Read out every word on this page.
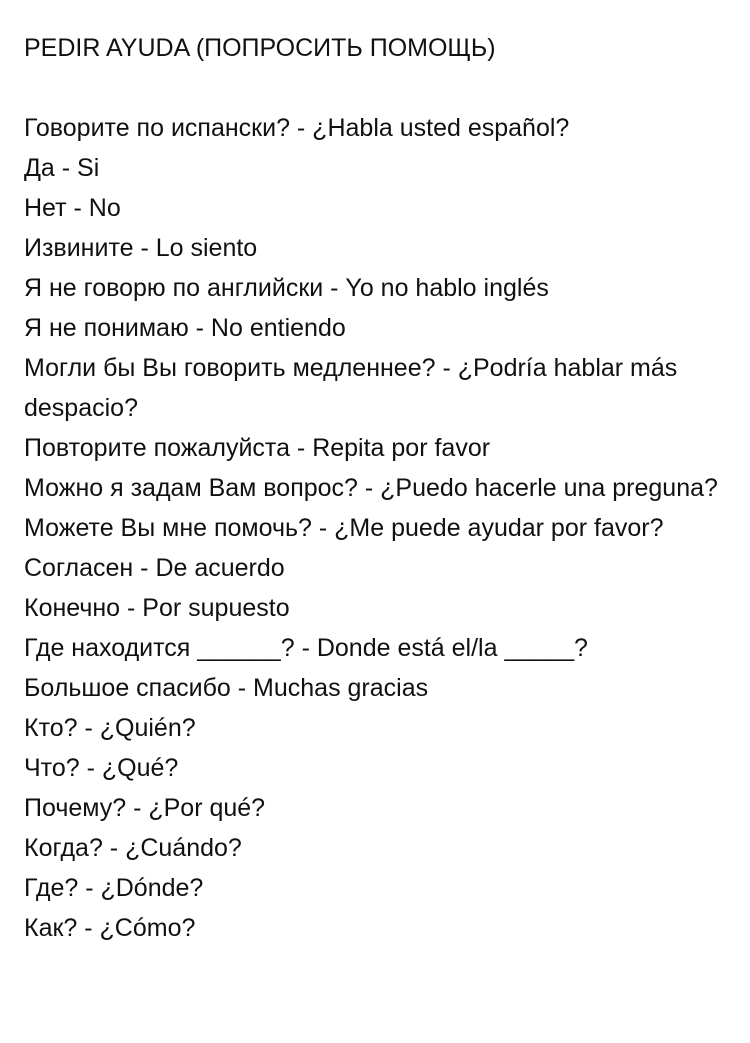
PEDIR AYUDA (ПОПРОСИТЬ ПОМОЩЬ)
Говорите по испански? - ¿Habla usted español?
Да - Si
Нет - No
Извините - Lo siento
Я не говорю по английски - Yo no hablo inglés
Я не понимаю - No entiendo
Могли бы Вы говорить медленнее? - ¿Podría hablar más despacio?
Повторите пожалуйста - Repita por favor
Можно я задам Вам вопрос? - ¿Puedo hacerle una preguna?
Можете Вы мне помочь? - ¿Me puede ayudar por favor?
Согласен - De acuerdo
Конечно - Por supuesto
Где находится ______? - Donde está el/la _____?
Большое спасибо - Muchas gracias
Кто? - ¿Quién?
Что? - ¿Qué?
Почему? - ¿Por qué?
Когда? - ¿Cuándo?
Где? - ¿Dónde?
Как? - ¿Cómo?
